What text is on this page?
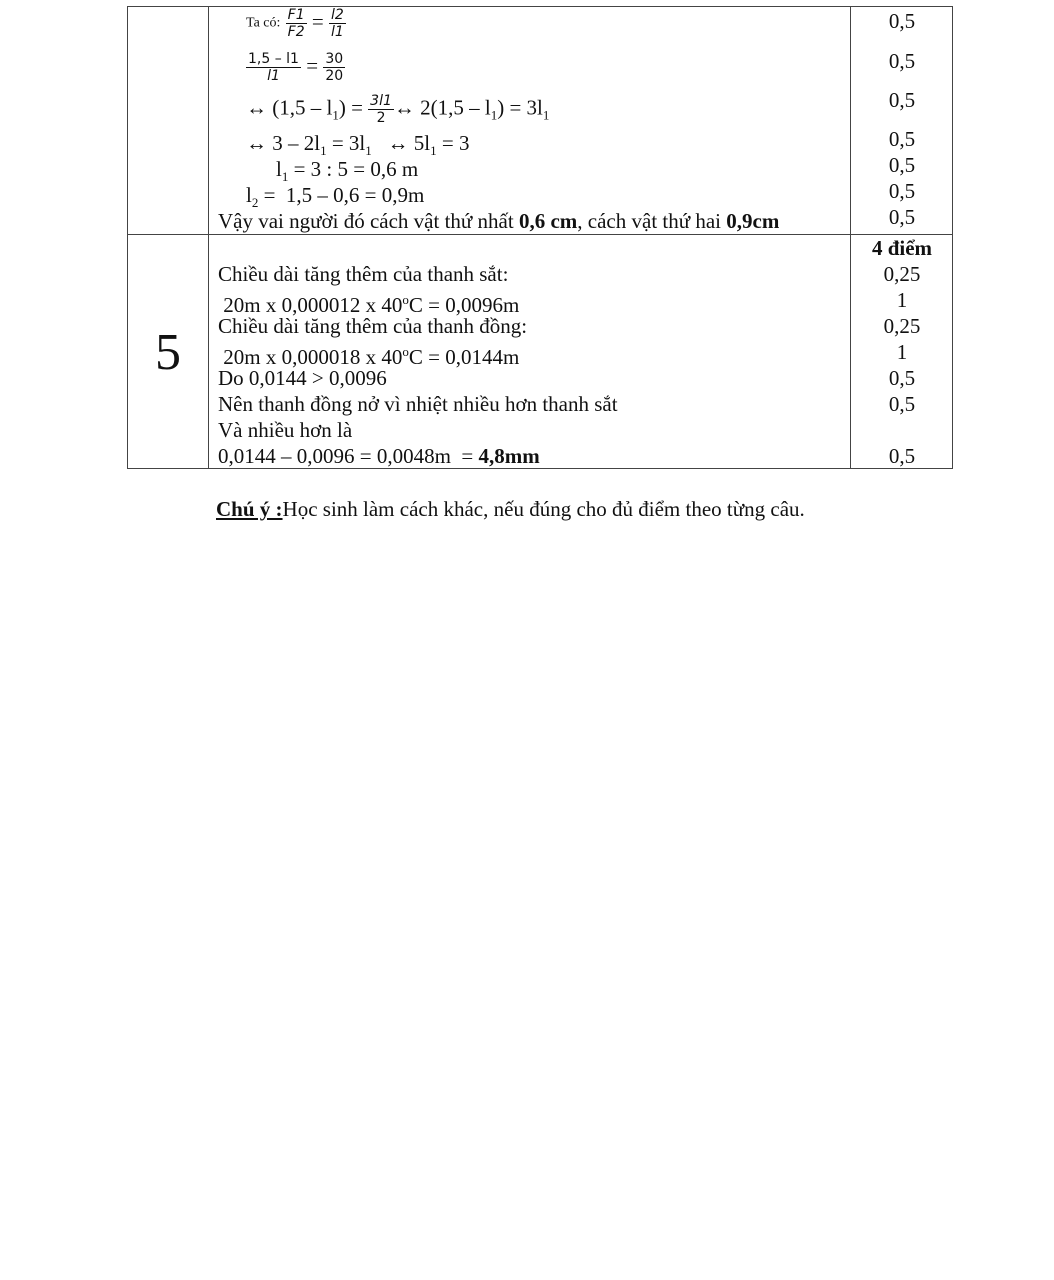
Ta có: $\frac{F1}{F2} = \frac{l2}{l1}$
$\frac{1,5 - l1}{l1} = \frac{30}{20}$
↔ $(1,5 - l_1) = \frac{3l1}{2}$ ↔ $2(1,5 - l_1) = 3l_1$
↔ $3 - 2l_1 = 3l_1$   ↔ $5l_1 = 3$
$l_1 = 3$ : 5 = 0,6 m
$l_2 = 1,5 - 0,6 = 0,9m$
Vậy vai người đó cách vật thứ nhất 0,6 cm, cách vật thứ hai 0,9cm
0,5
0,5
0,5
0,5
0,5
0,5
0,5
5
4 điểm
Chiều dài tăng thêm của thanh sắt:
20m x 0,000012 x $40^oC = 0,0096m$
Chiều dài tăng thêm của thanh đồng:
20m x 0,000018 x $40^oC = 0,0144m$
Do 0,0144 > 0,0096
Nên thanh đồng nở vì nhiệt nhiều hơn thanh sắt
Và nhiều hơn là
0,0144 – 0,0096 = 0,0048m  = 4,8mm
0,25
1
0,25
1
0,5
0,5
0,5
Chú ý :Học sinh làm cách khác, nếu đúng cho đủ điểm theo từng câu.
